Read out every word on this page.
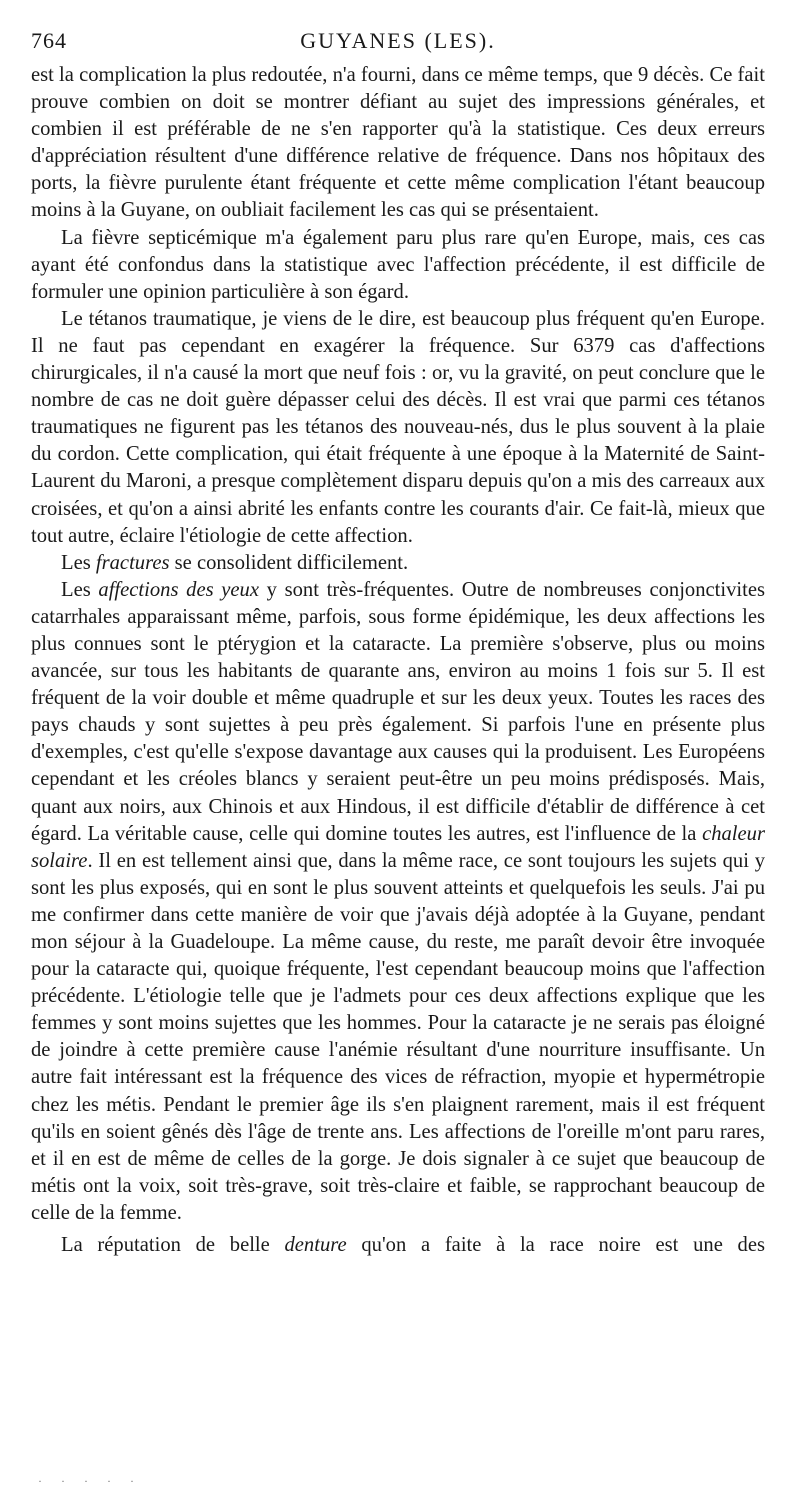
764	GUYANES (LES).

est la complication la plus redoutée, n'a fourni, dans ce même temps, que 9 décès. Ce fait prouve combien on doit se montrer défiant au sujet des impressions générales, et combien il est préférable de ne s'en rapporter qu'à la statistique. Ces deux erreurs d'appréciation résultent d'une différence relative de fréquence. Dans nos hôpitaux des ports, la fièvre purulente étant fréquente et cette même complication l'étant beaucoup moins à la Guyane, on oubliait facilement les cas qui se présentaient.

La fièvre septicémique m'a également paru plus rare qu'en Europe, mais, ces cas ayant été confondus dans la statistique avec l'affection précédente, il est difficile de formuler une opinion particulière à son égard.

Le tétanos traumatique, je viens de le dire, est beaucoup plus fréquent qu'en Europe. Il ne faut pas cependant en exagérer la fréquence. Sur 6379 cas d'affections chirurgicales, il n'a causé la mort que neuf fois : or, vu la gravité, on peut conclure que le nombre de cas ne doit guère dépasser celui des décès. Il est vrai que parmi ces tétanos traumatiques ne figurent pas les tétanos des nouveau-nés, dus le plus souvent à la plaie du cordon. Cette complication, qui était fréquente à une époque à la Maternité de Saint-Laurent du Maroni, a presque complètement disparu depuis qu'on a mis des carreaux aux croisées, et qu'on a ainsi abrité les enfants contre les courants d'air. Ce fait-là, mieux que tout autre, éclaire l'étiologie de cette affection.

Les fractures se consolident difficilement.

Les affections des yeux y sont très-fréquentes. Outre de nombreuses conjonctivites catarrhales apparaissant même, parfois, sous forme épidémique, les deux affections les plus connues sont le ptérygion et la cataracte. La première s'observe, plus ou moins avancée, sur tous les habitants de quarante ans, environ au moins 1 fois sur 5. Il est fréquent de la voir double et même quadruple et sur les deux yeux. Toutes les races des pays chauds y sont sujettes à peu près également. Si parfois l'une en présente plus d'exemples, c'est qu'elle s'expose davantage aux causes qui la produisent. Les Européens cependant et les créoles blancs y seraient peut-être un peu moins prédisposés. Mais, quant aux noirs, aux Chinois et aux Hindous, il est difficile d'établir de différence à cet égard. La véritable cause, celle qui domine toutes les autres, est l'influence de la chaleur solaire. Il en est tellement ainsi que, dans la même race, ce sont toujours les sujets qui y sont les plus exposés, qui en sont le plus souvent atteints et quelquefois les seuls. J'ai pu me confirmer dans cette manière de voir que j'avais déjà adoptée à la Guyane, pendant mon séjour à la Guadeloupe. La même cause, du reste, me paraît devoir être invoquée pour la cataracte qui, quoique fréquente, l'est cependant beaucoup moins que l'affection précédente. L'étiologie telle que je l'admets pour ces deux affections explique que les femmes y sont moins sujettes que les hommes. Pour la cataracte je ne serais pas éloigné de joindre à cette première cause l'anémie résultant d'une nourriture insuffisante. Un autre fait intéressant est la fréquence des vices de réfraction, myopie et hypermétropie chez les métis. Pendant le premier âge ils s'en plaignent rarement, mais il est fréquent qu'ils en soient gênés dès l'âge de trente ans. Les affections de l'oreille m'ont paru rares, et il en est de même de celles de la gorge. Je dois signaler à ce sujet que beaucoup de métis ont la voix, soit très-grave, soit très-claire et faible, se rapprochant beaucoup de celle de la femme.

La réputation de belle denture qu'on a faite à la race noire est une des

· · · · ·
